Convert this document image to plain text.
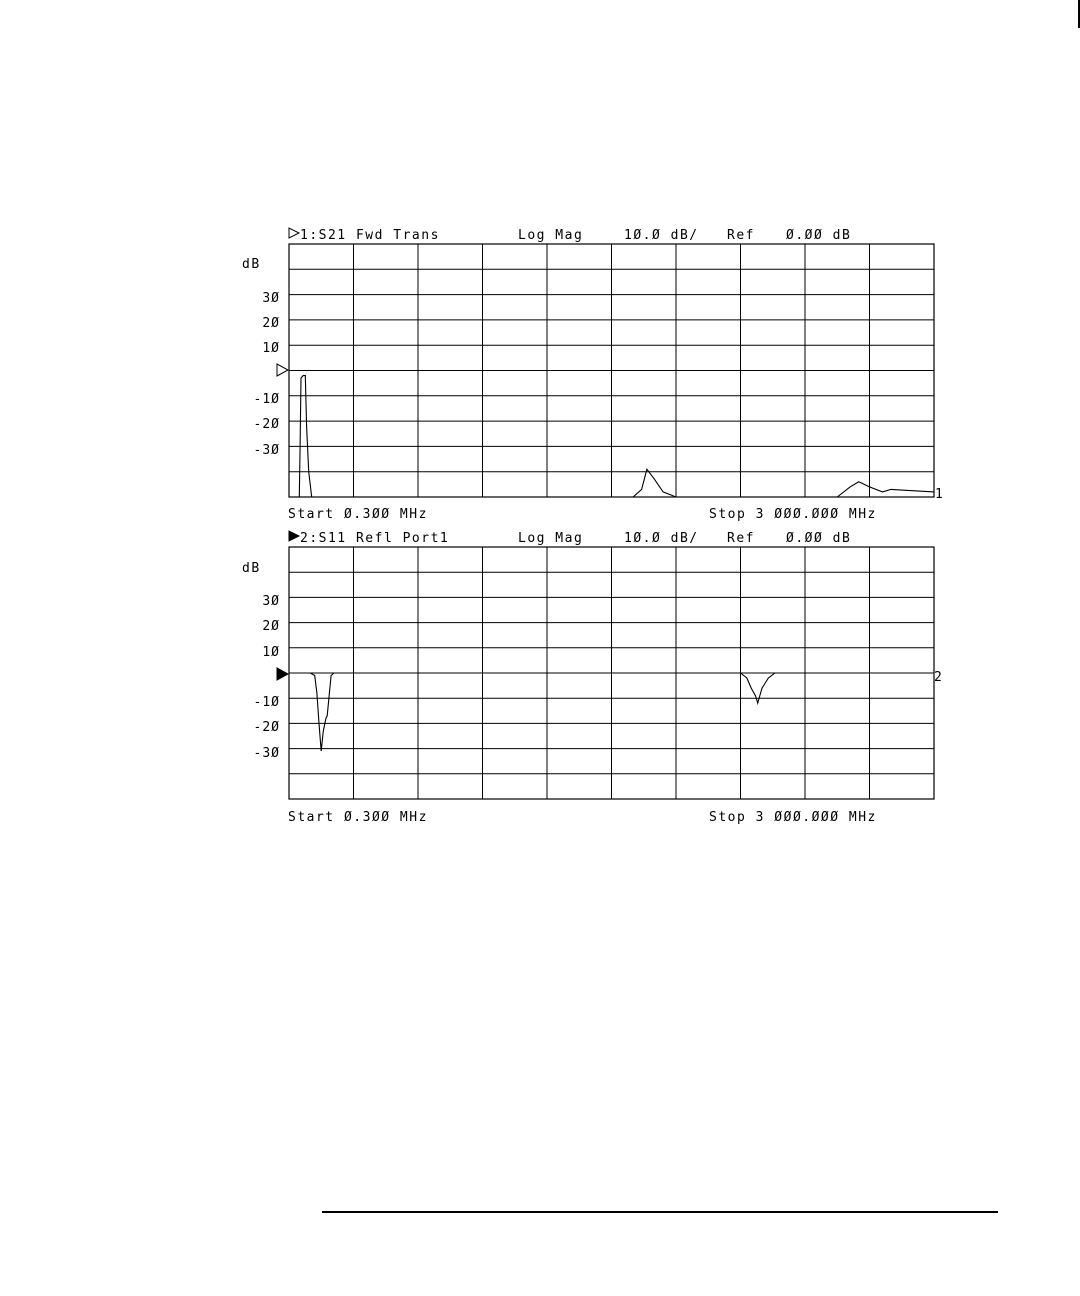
1:S21 Fwd Trans	Log Mag	1Ø.Ø dB/ Ref Ø.ØØ dB
dB
3Ø
2Ø
1Ø
-1Ø
-2Ø
-3Ø
1
Start Ø.3ØØ MHz	Stop 3 ØØØ.ØØØ MHz
2:S11 Refl Port1	Log Mag	1Ø.Ø dB/ Ref Ø.ØØ dB
dB
3Ø
2Ø
1Ø
-1Ø
-2Ø
-3Ø
2
Start Ø.3ØØ MHz	Stop 3 ØØØ.ØØØ MHz
